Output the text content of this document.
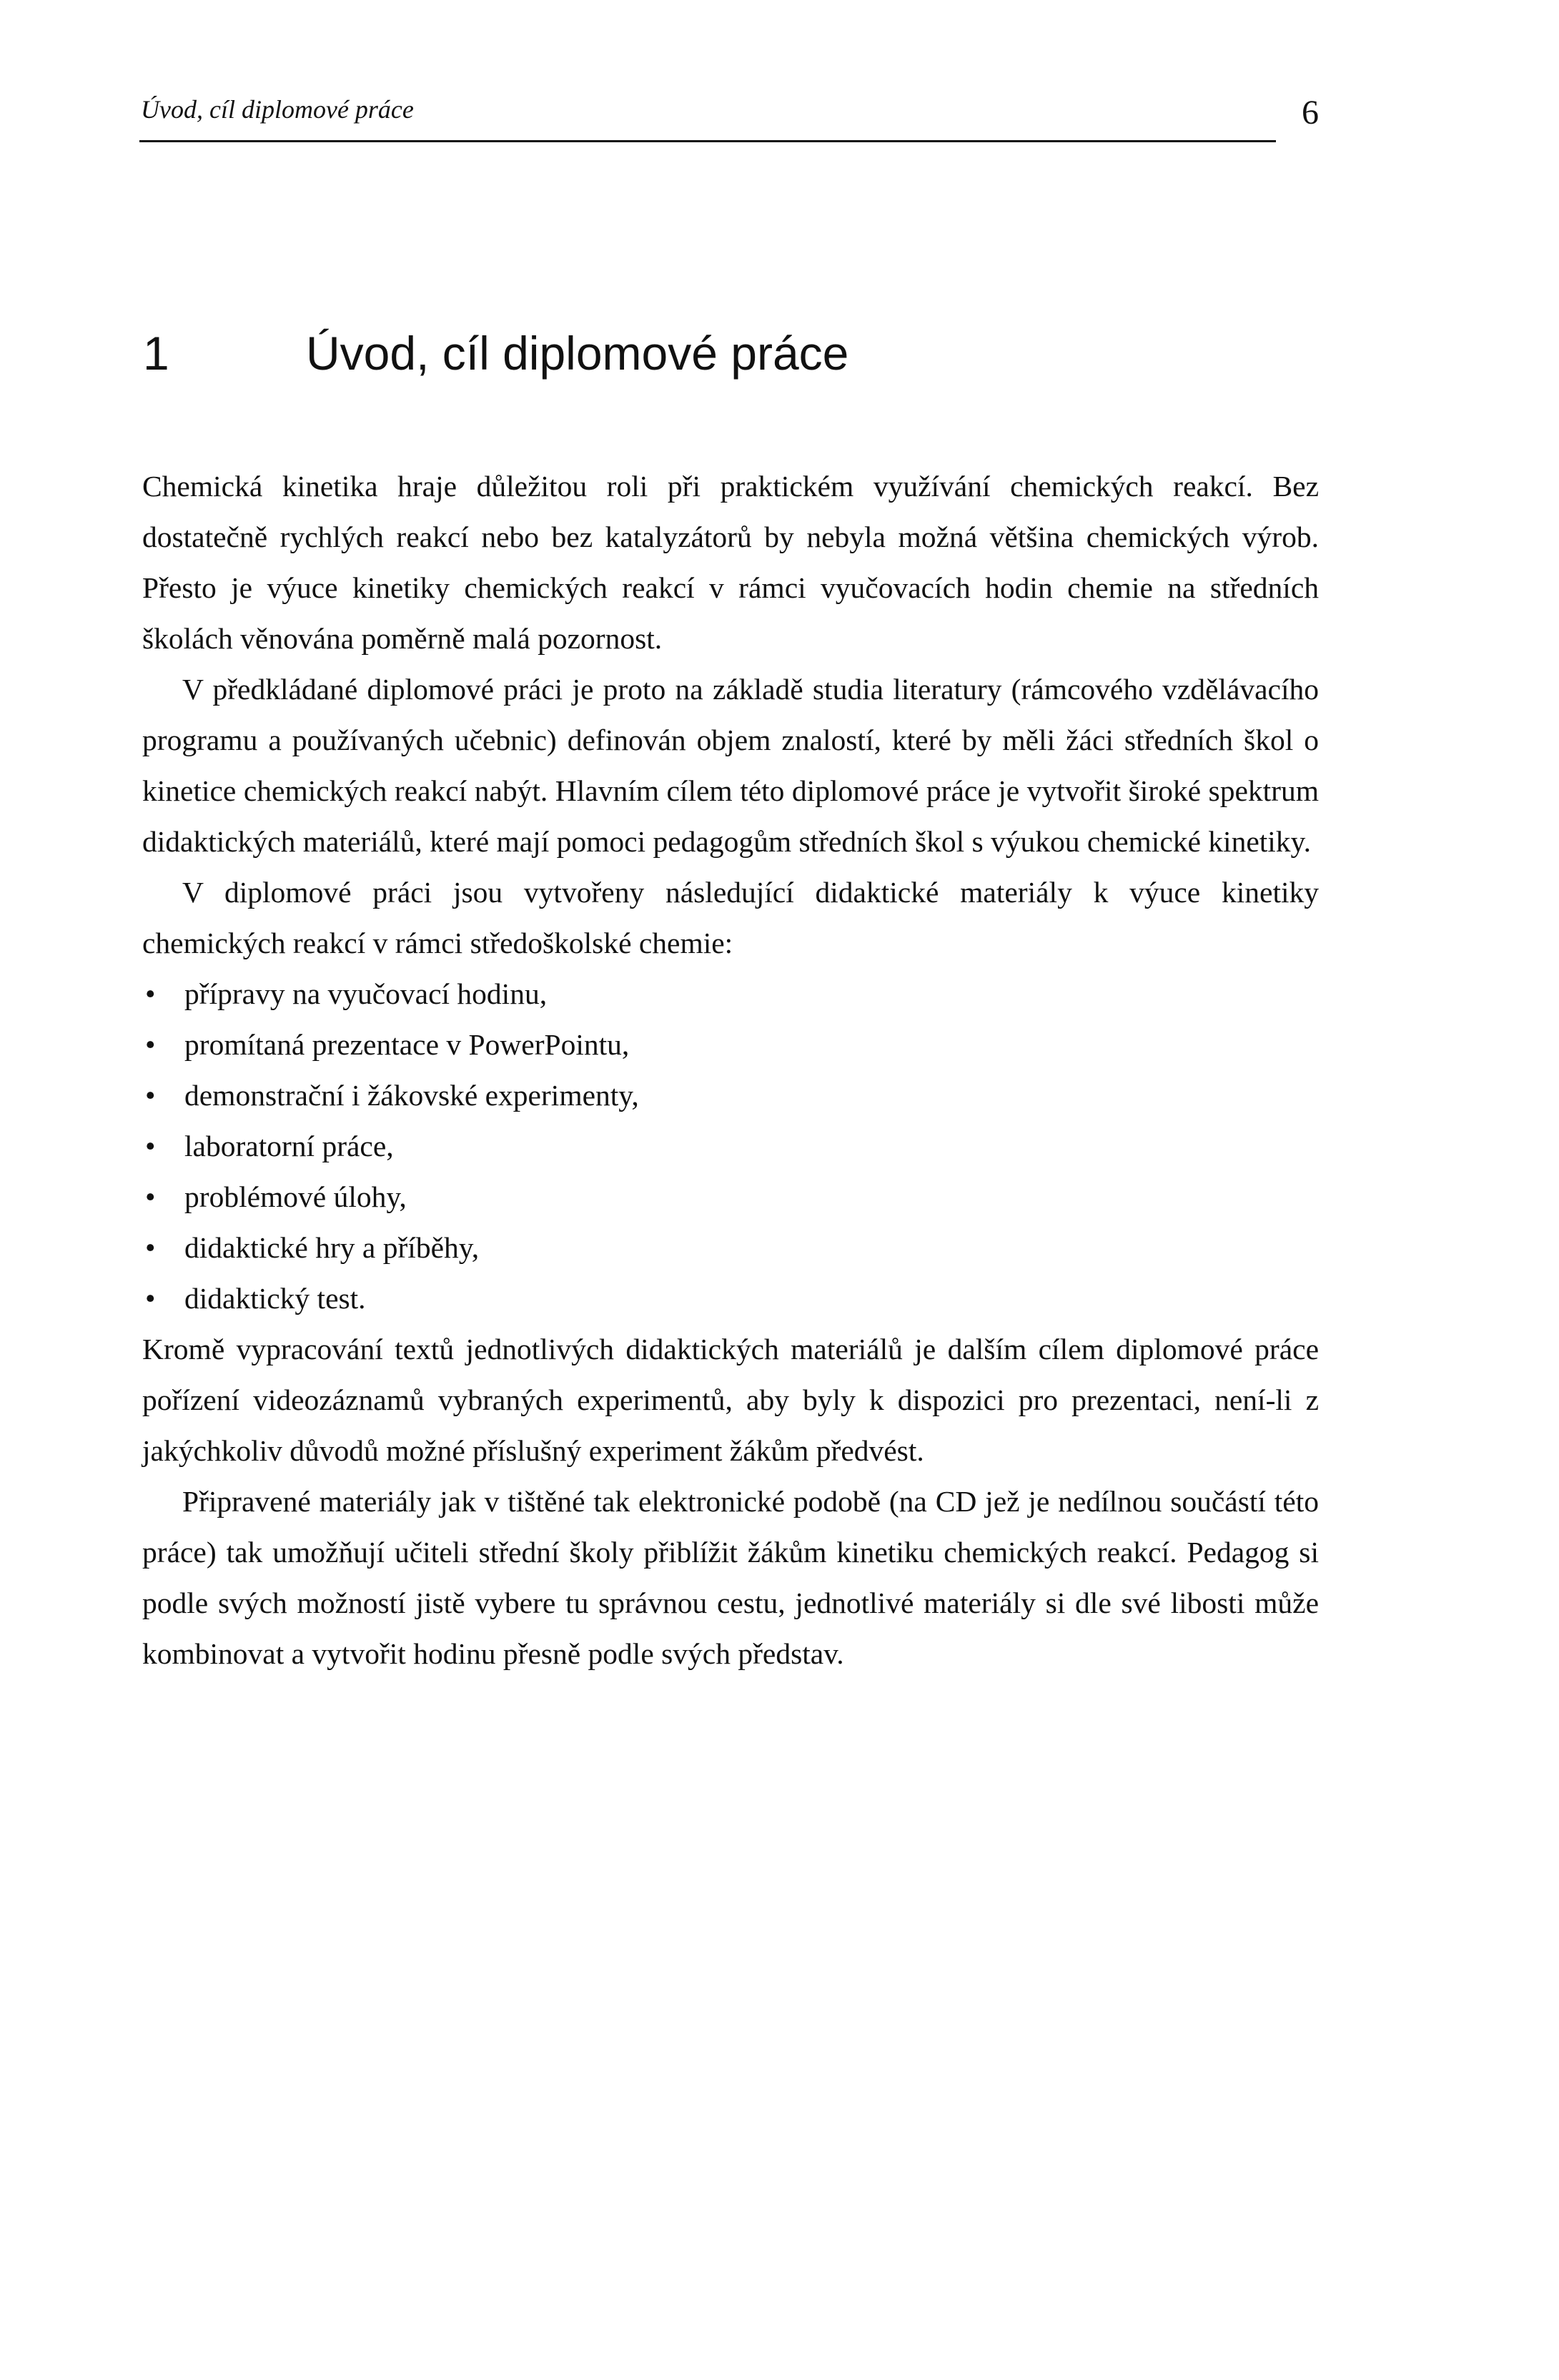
Úvod, cíl diplomové práce	6
1	Úvod, cíl diplomové práce

Chemická kinetika hraje důležitou roli při praktickém využívání chemických reakcí. Bez dostatečně rychlých reakcí nebo bez katalyzátorů by nebyla možná většina chemických výrob. Přesto je výuce kinetiky chemických reakcí v rámci vyučovacích hodin chemie na středních školách věnována poměrně malá pozornost.

V předkládané diplomové práci je proto na základě studia literatury (rámcového vzdělávacího programu a používaných učebnic) definován objem znalostí, které by měli žáci středních škol o kinetice chemických reakcí nabýt. Hlavním cílem této diplomové práce je vytvořit široké spektrum didaktických materiálů, které mají pomoci pedagogům středních škol s výukou chemické kinetiky.

V diplomové práci jsou vytvořeny následující didaktické materiály k výuce kinetiky chemických reakcí v rámci středoškolské chemie:

• přípravy na vyučovací hodinu,
• promítaná prezentace v PowerPointu,
• demonstrační i žákovské experimenty,
• laboratorní práce,
• problémové úlohy,
• didaktické hry a příběhy,
• didaktický test.

Kromě vypracování textů jednotlivých didaktických materiálů je dalším cílem diplomové práce pořízení videozáznamů vybraných experimentů, aby byly k dispozici pro prezentaci, není-li z jakýchkoliv důvodů možné příslušný experiment žákům předvést.

Připravené materiály jak v tištěné tak elektronické podobě (na CD jež je nedílnou součástí této práce) tak umožňují učiteli střední školy přiblížit žákům kinetiku chemických reakcí. Pedagog si podle svých možností jistě vybere tu správnou cestu, jednotlivé materiály si dle své libosti může kombinovat a vytvořit hodinu přesně podle svých představ.
